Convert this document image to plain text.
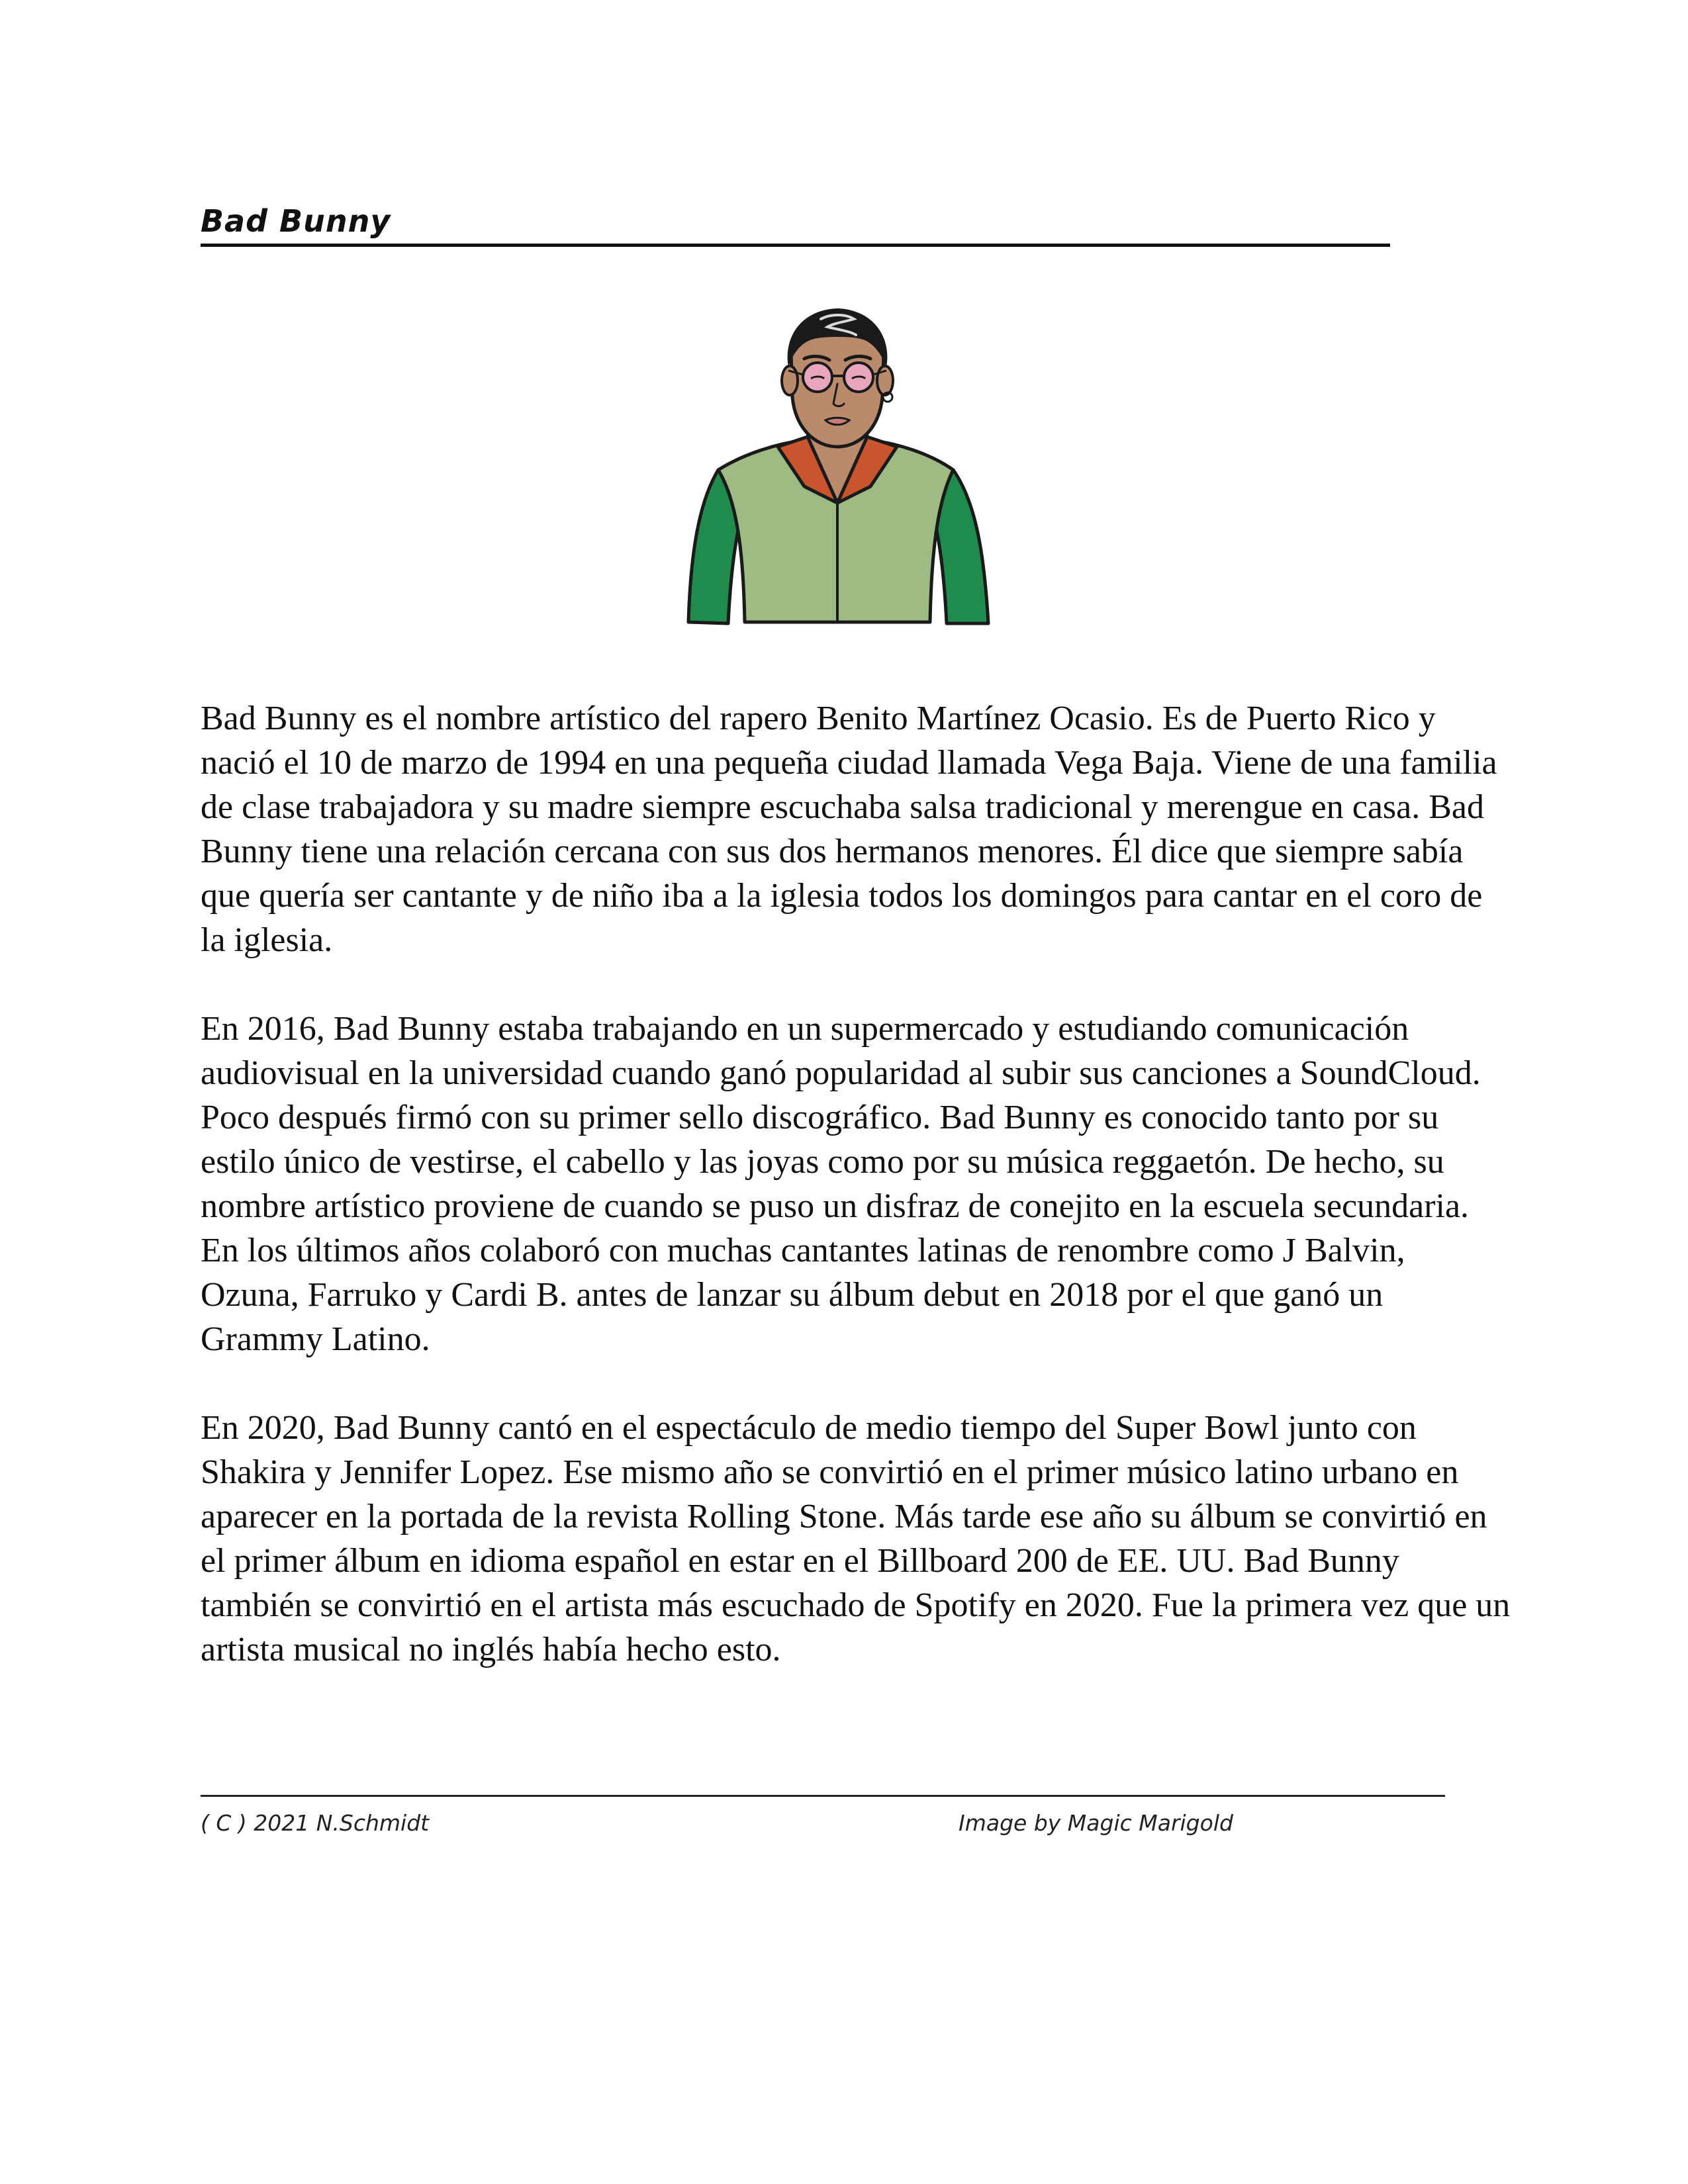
Bad Bunny

Bad Bunny es el nombre artístico del rapero Benito Martínez Ocasio. Es de Puerto Rico y nació el 10 de marzo de 1994 en una pequeña ciudad llamada Vega Baja. Viene de una familia de clase trabajadora y su madre siempre escuchaba salsa tradicional y merengue en casa. Bad Bunny tiene una relación cercana con sus dos hermanos menores. Él dice que siempre sabía que quería ser cantante y de niño iba a la iglesia todos los domingos para cantar en el coro de la iglesia.

En 2016, Bad Bunny estaba trabajando en un supermercado y estudiando comunicación audiovisual en la universidad cuando ganó popularidad al subir sus canciones a SoundCloud. Poco después firmó con su primer sello discográfico. Bad Bunny es conocido tanto por su estilo único de vestirse, el cabello y las joyas como por su música reggaetón. De hecho, su nombre artístico proviene de cuando se puso un disfraz de conejito en la escuela secundaria. En los últimos años colaboró con muchas cantantes latinas de renombre como J Balvin, Ozuna, Farruko y Cardi B. antes de lanzar su álbum debut en 2018 por el que ganó un Grammy Latino.

En 2020, Bad Bunny cantó en el espectáculo de medio tiempo del Super Bowl junto con Shakira y Jennifer Lopez. Ese mismo año se convirtió en el primer músico latino urbano en aparecer en la portada de la revista Rolling Stone. Más tarde ese año su álbum se convirtió en el primer álbum en idioma español en estar en el Billboard 200 de EE. UU. Bad Bunny también se convirtió en el artista más escuchado de Spotify en 2020. Fue la primera vez que un artista musical no inglés había hecho esto.

( C ) 2021 N.Schmidt	Image by Magic Marigold
